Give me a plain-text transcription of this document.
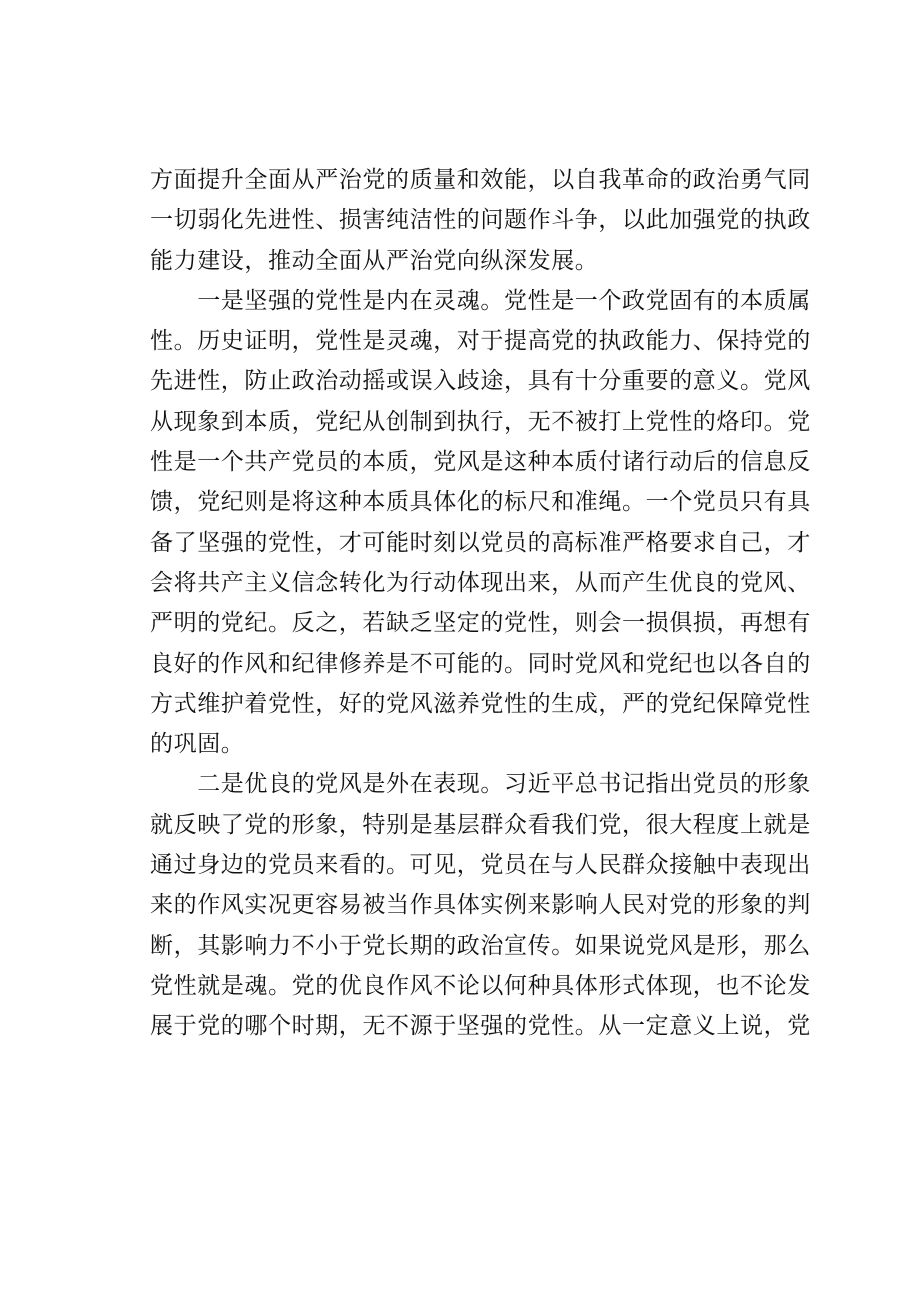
方面提升全面从严治党的质量和效能，以自我革命的政治勇气同
一切弱化先进性、损害纯洁性的问题作斗争，以此加强党的执政
能力建设，推动全面从严治党向纵深发展。
　　一是坚强的党性是内在灵魂。党性是一个政党固有的本质属
性。历史证明，党性是灵魂，对于提高党的执政能力、保持党的
先进性，防止政治动摇或误入歧途，具有十分重要的意义。党风
从现象到本质，党纪从创制到执行，无不被打上党性的烙印。党
性是一个共产党员的本质，党风是这种本质付诸行动后的信息反
馈，党纪则是将这种本质具体化的标尺和准绳。一个党员只有具
备了坚强的党性，才可能时刻以党员的高标准严格要求自己，才
会将共产主义信念转化为行动体现出来，从而产生优良的党风、
严明的党纪。反之，若缺乏坚定的党性，则会一损俱损，再想有
良好的作风和纪律修养是不可能的。同时党风和党纪也以各自的
方式维护着党性，好的党风滋养党性的生成，严的党纪保障党性
的巩固。
　　二是优良的党风是外在表现。习近平总书记指出党员的形象
就反映了党的形象，特别是基层群众看我们党，很大程度上就是
通过身边的党员来看的。可见，党员在与人民群众接触中表现出
来的作风实况更容易被当作具体实例来影响人民对党的形象的判
断，其影响力不小于党长期的政治宣传。如果说党风是形，那么
党性就是魂。党的优良作风不论以何种具体形式体现，也不论发
展于党的哪个时期，无不源于坚强的党性。从一定意义上说，党
